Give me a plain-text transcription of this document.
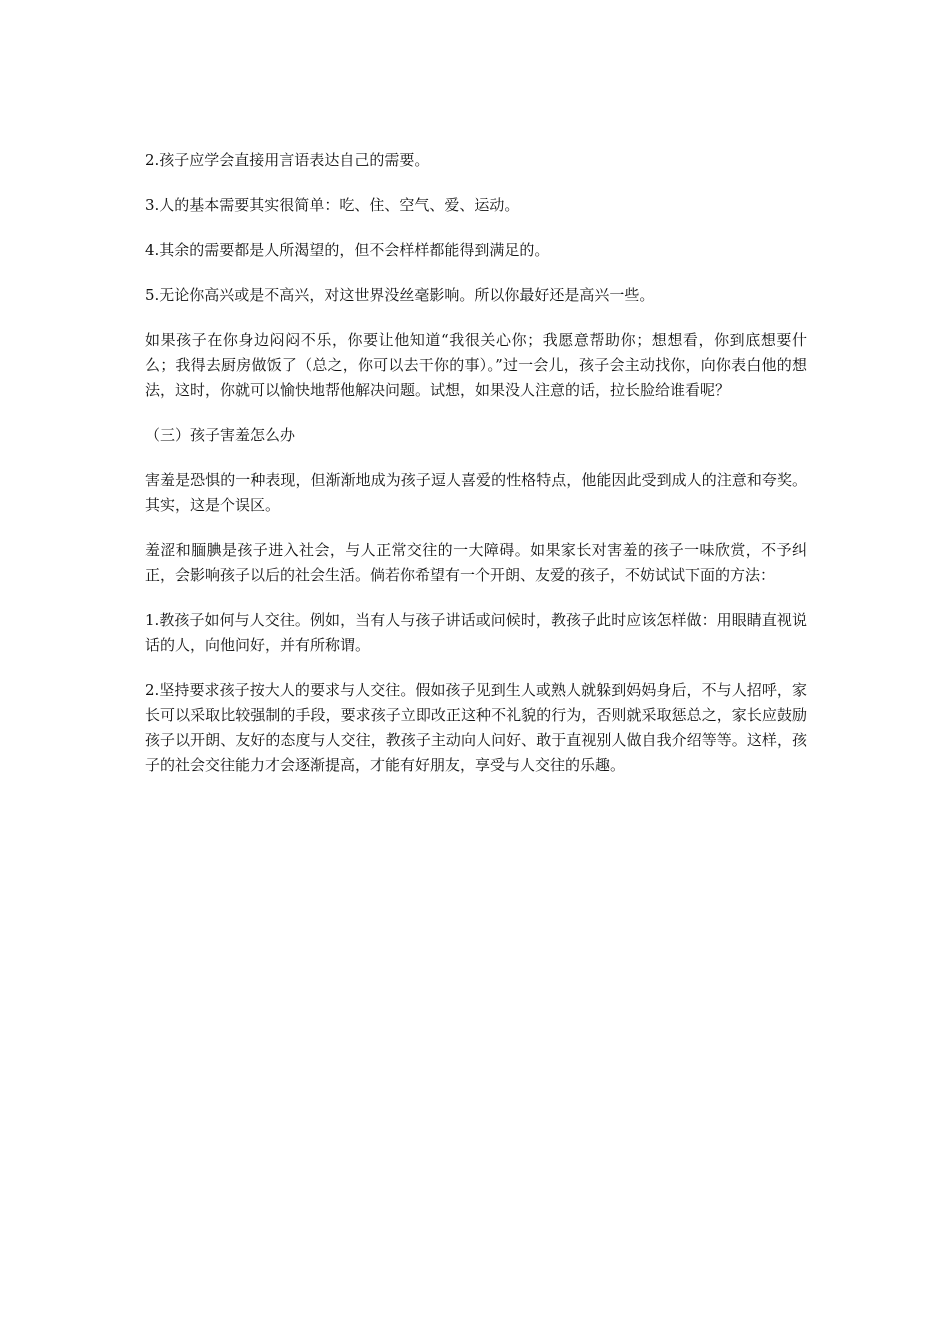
2.孩子应学会直接用言语表达自己的需要。

3.人的基本需要其实很简单：吃、住、空气、爱、运动。

4.其余的需要都是人所渴望的，但不会样样都能得到满足的。

5.无论你高兴或是不高兴，对这世界没丝毫影响。所以你最好还是高兴一些。

如果孩子在你身边闷闷不乐，你要让他知道“我很关心你；我愿意帮助你；想想看，你到底想要什么；我得去厨房做饭了（总之，你可以去干你的事）。”过一会儿，孩子会主动找你，向你表白他的想法，这时，你就可以愉快地帮他解决问题。试想，如果没人注意的话，拉长脸给谁看呢？

（三）孩子害羞怎么办

害羞是恐惧的一种表现，但渐渐地成为孩子逗人喜爱的性格特点，他能因此受到成人的注意和夸奖。其实，这是个误区。

羞涩和腼腆是孩子进入社会，与人正常交往的一大障碍。如果家长对害羞的孩子一味欣赏，不予纠正，会影响孩子以后的社会生活。倘若你希望有一个开朗、友爱的孩子，不妨试试下面的方法：

1.教孩子如何与人交往。例如，当有人与孩子讲话或问候时，教孩子此时应该怎样做：用眼睛直视说话的人，向他问好，并有所称谓。

2.坚持要求孩子按大人的要求与人交往。假如孩子见到生人或熟人就躲到妈妈身后，不与人招呼，家长可以采取比较强制的手段，要求孩子立即改正这种不礼貌的行为，否则就采取惩总之，家长应鼓励孩子以开朗、友好的态度与人交往，教孩子主动向人问好、敢于直视别人做自我介绍等等。这样，孩子的社会交往能力才会逐渐提高，才能有好朋友，享受与人交往的乐趣。
